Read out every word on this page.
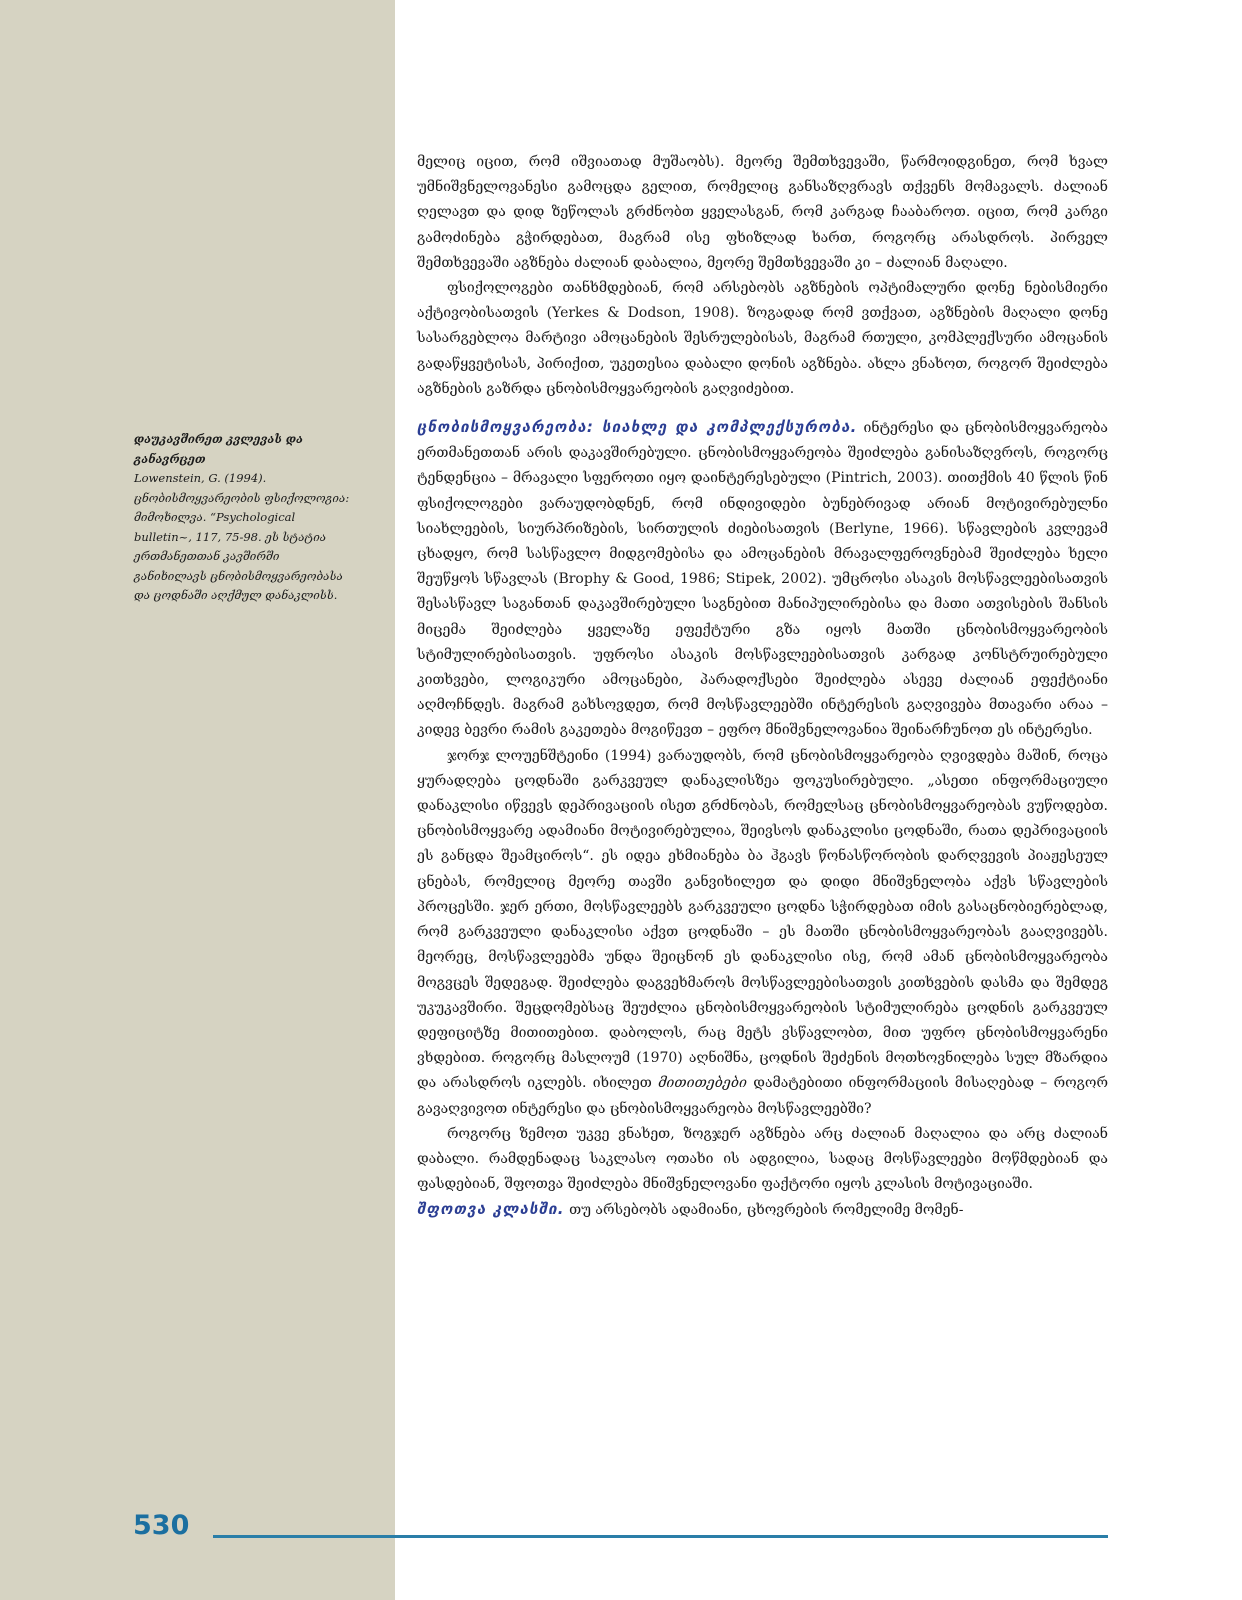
დაუკავშირეთ კვლევას და განავრცეთ
Lowenstein, G. (1994). ცნობისმოყვარეობის ფსიქოლოგია: მიმოხილვა. “Psychological bulletin~, 117, 75-98. ეს სტატია ერთმანეთთან კავშირში განიხილავს ცნობისმოყვარეობასა და ცოდნაში აღქმულ დანაკლისს.

მელიც იცით, რომ იშვიათად მუშაობს). მეორე შემთხვევაში, წარმოიდგინეთ, რომ ხვალ უმნიშვნელოვანესი გამოცდა გელით, რომელიც განსაზღვრავს თქვენს მომავალს. ძალიან ღელავთ და დიდ ზეწოლას გრძნობთ ყველასგან, რომ კარგად ჩააბაროთ. იცით, რომ კარგი გამოძინება გჭირდებათ, მაგრამ ისე ფხიზლად ხართ, როგორც არასდროს. პირველ შემთხვევაში აგზნება ძალიან დაბალია, მეორე შემთხვევაში კი – ძალიან მაღალი.

ფსიქოლოგები თანხმდებიან, რომ არსებობს აგზნების ოპტიმალური დონე ნებისმიერი აქტივობისათვის (Yerkes & Dodson, 1908). ზოგადად რომ ვთქვათ, აგზნების მაღალი დონე სასარგებლოა მარტივი ამოცანების შესრულებისას, მაგრამ რთული, კომპლექსური ამოცანის გადაწყვეტისას, პირიქით, უკეთესია დაბალი დონის აგზნება. ახლა ვნახოთ, როგორ შეიძლება აგზნების გაზრდა ცნობისმოყვარეობის გაღვიძებით.

ცნობისმოყვარეობა: სიახლე და კომპლექსურობა. ინტერესი და ცნობისმოყვარეობა ერთმანეთთან არის დაკავშირებული. ცნობისმოყვარეობა შეიძლება განისაზღვროს, როგორც ტენდენცია – მრავალი სფეროთი იყო დაინტერესებული (Pintrich, 2003). თითქმის 40 წლის წინ ფსიქოლოგები ვარაუდობდნენ, რომ ინდივიდები ბუნებრივად არიან მოტივირებულნი სიახლეების, სიურპრიზების, სირთულის ძიებისათვის (Berlyne, 1966). სწავლების კვლევამ ცხადყო, რომ სასწავლო მიდგომებისა და ამოცანების მრავალფეროვნებამ შეიძლება ხელი შეუწყოს სწავლას (Brophy & Good, 1986; Stipek, 2002). უმცროსი ასაკის მოსწავლეებისათვის შესასწავლ საგანთან დაკავშირებული საგნებით მანიპულირებისა და მათი ათვისების შანსის მიცემა შეიძლება ყველაზე ეფექტური გზა იყოს მათში ცნობისმოყვარეობის სტიმულირებისათვის. უფროსი ასაკის მოსწავლეებისათვის კარგად კონსტრუირებული კითხვები, ლოგიკური ამოცანები, პარადოქსები შეიძლება ასევე ძალიან ეფექტიანი აღმოჩნდეს. მაგრამ გახსოვდეთ, რომ მოსწავლეებში ინტერესის გაღვივება მთავარი არაა – კიდევ ბევრი რამის გაკეთება მოგიწევთ – ეფრო მნიშვნელოვანია შეინარჩუნოთ ეს ინტერესი.

ჯორჯ ლოუენშტეინი (1994) ვარაუდობს, რომ ცნობისმოყვარეობა ღვივდება მაშინ, როცა ყურადღება ცოდნაში გარკვეულ დანაკლისზეა ფოკუსირებული. „ასეთი ინფორმაციული დანაკლისი იწვევს დეპრივაციის ისეთ გრძნობას, რომელსაც ცნობისმოყვარეობას ვუწოდებთ. ცნობისმოყვარე ადამიანი მოტივირებულია, შეივსოს დანაკლისი ცოდნაში, რათა დეპრივაციის ეს განცდა შეამციროს“. ეს იდეა ეხმიანება ბა ჰგავს წონასწორობის დარღვევის პიაჟესეულ ცნებას, რომელიც მეორე თავში განვიხილეთ და დიდი მნიშვნელობა აქვს სწავლების პროცესში. ჯერ ერთი, მოსწავლეებს გარკვეული ცოდნა სჭირდებათ იმის გასაცნობიერებლად, რომ გარკვეული დანაკლისი აქვთ ცოდნაში – ეს მათში ცნობისმოყვარეობას გააღვივებს. მეორეც, მოსწავლეებმა უნდა შეიცნონ ეს დანაკლისი ისე, რომ ამან ცნობისმოყვარეობა მოგვცეს შედეგად. შეიძლება დაგვეხმაროს მოსწავლეებისათვის კითხვების დასმა და შემდეგ უკუკავშირი. შეცდომებსაც შეუძლია ცნობისმოყვარეობის სტიმულირება ცოდნის გარკვეულ დეფიციტზე მითითებით. დაბოლოს, რაც მეტს ვსწავლობთ, მით უფრო ცნობისმოყვარენი ვხდებით. როგორც მასლოუმ (1970) აღნიშნა, ცოდნის შეძენის მოთხოვნილება სულ მზარდია და არასდროს იკლებს. იხილეთ მითითებები დამატებითი ინფორმაციის მისაღებად – როგორ გავაღვივოთ ინტერესი და ცნობისმოყვარეობა მოსწავლეებში?

როგორც ზემოთ უკვე ვნახეთ, ზოგჯერ აგზნება არც ძალიან მაღალია და არც ძალიან დაბალი. რამდენადაც საკლასო ოთახი ის ადგილია, სადაც მოსწავლეები მოწმდებიან და ფასდებიან, შფოთვა შეიძლება მნიშვნელოვანი ფაქტორი იყოს კლასის მოტივაციაში.

შფოთვა კლასში. თუ არსებობს ადამიანი, ცხოვრების რომელიმე მომენ-

530
